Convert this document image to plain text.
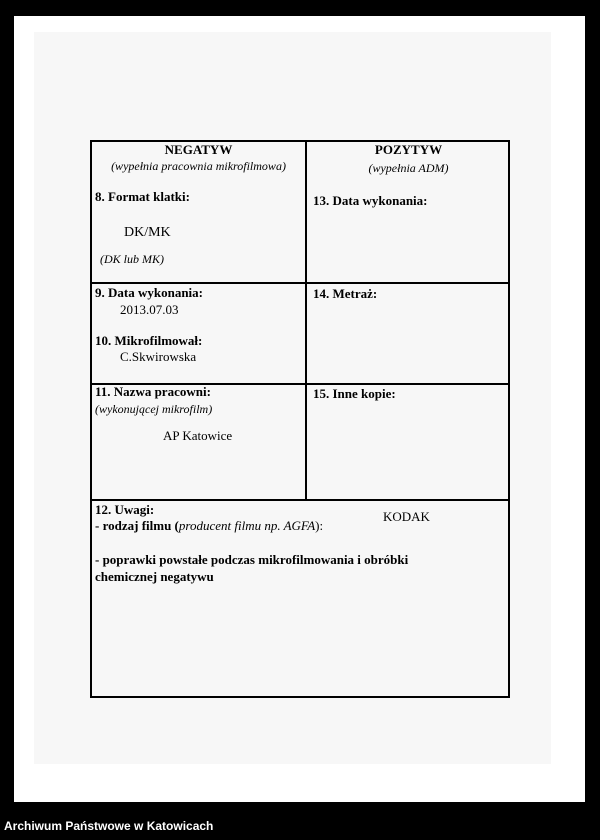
NEGATYW
(wypełnia pracownia mikrofilmowa)
8. Format klatki:
DK/MK
(DK lub MK)
POZYTYW
(wypełnia ADM)
13. Data wykonania:
9. Data wykonania:
2013.07.03
10. Mikrofilmował:
C.Skwirowska
14. Metraż:
11. Nazwa pracowni:
(wykonującej mikrofilm)
AP Katowice
15. Inne kopie:
12. Uwagi:
- rodzaj filmu (producent filmu np. AGFA):
KODAK
- poprawki powstałe podczas mikrofilmowania i obróbki
chemicznej negatywu
Archiwum Państwowe w Katowicach
